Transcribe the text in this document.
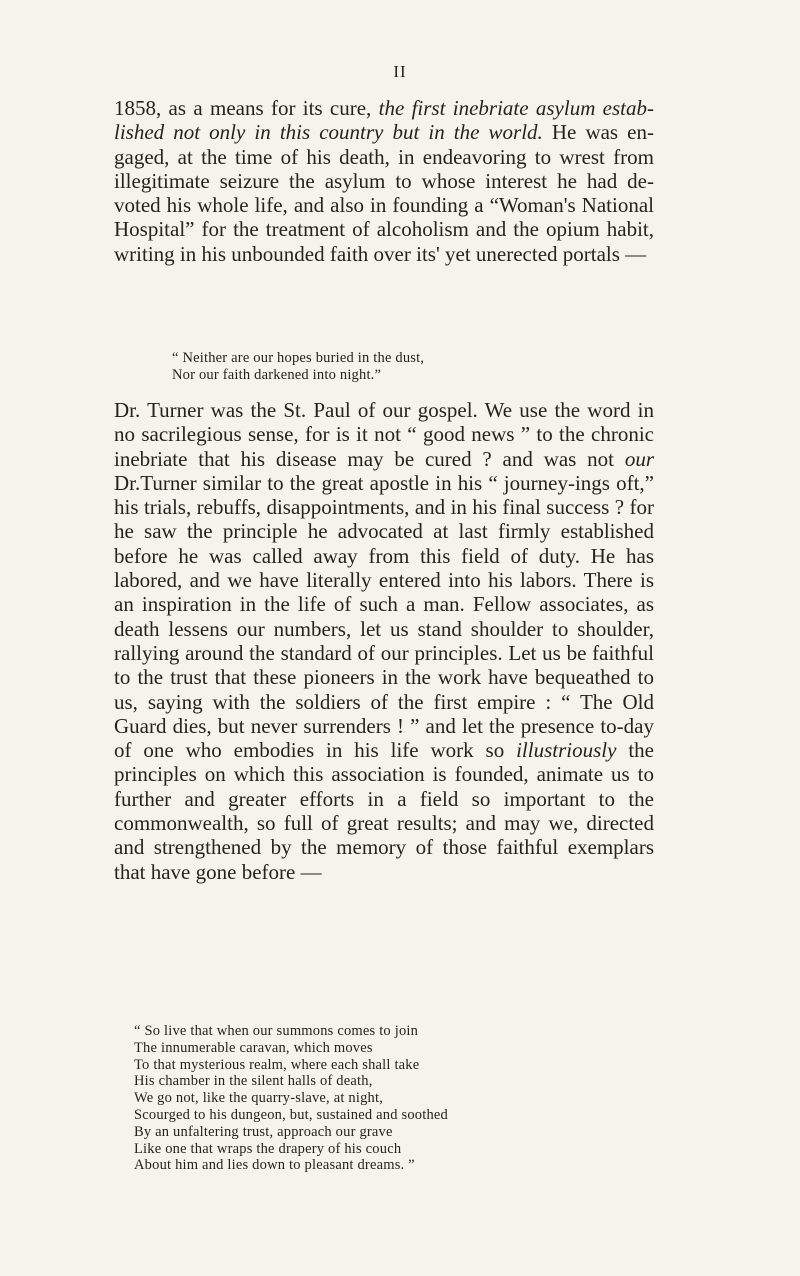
II

1858, as a means for its cure, the first inebriate asylum estab-lished not only in this country but in the world. He was en-gaged, at the time of his death, in endeavoring to wrest from illegitimate seizure the asylum to whose interest he had de-voted his whole life, and also in founding a “Woman's National Hospital” for the treatment of alcoholism and the opium habit, writing in his unbounded faith over its' yet unerected portals —

“ Neither are our hopes buried in the dust,
Nor our faith darkened into night.”

Dr. Turner was the St. Paul of our gospel. We use the word in no sacrilegious sense, for is it not “ good news ” to the chronic inebriate that his disease may be cured ? and was not our Dr.Turner similar to the great apostle in his “ journey-ings oft,” his trials, rebuffs, disappointments, and in his final success ? for he saw the principle he advocated at last firmly established before he was called away from this field of duty. He has labored, and we have literally entered into his labors. There is an inspiration in the life of such a man. Fellow associates, as death lessens our numbers, let us stand shoulder to shoulder, rallying around the standard of our principles. Let us be faithful to the trust that these pioneers in the work have bequeathed to us, saying with the soldiers of the first empire : “ The Old Guard dies, but never surrenders ! ” and let the presence to-day of one who embodies in his life work so illustriously the principles on which this association is founded, animate us to further and greater efforts in a field so important to the commonwealth, so full of great results; and may we, directed and strengthened by the memory of those faithful exemplars that have gone before —

“ So live that when our summons comes to join
The innumerable caravan, which moves
To that mysterious realm, where each shall take
His chamber in the silent halls of death,
We go not, like the quarry-slave, at night,
Scourged to his dungeon, but, sustained and soothed
By an unfaltering trust, approach our grave
Like one that wraps the drapery of his couch
About him and lies down to pleasant dreams. ”
